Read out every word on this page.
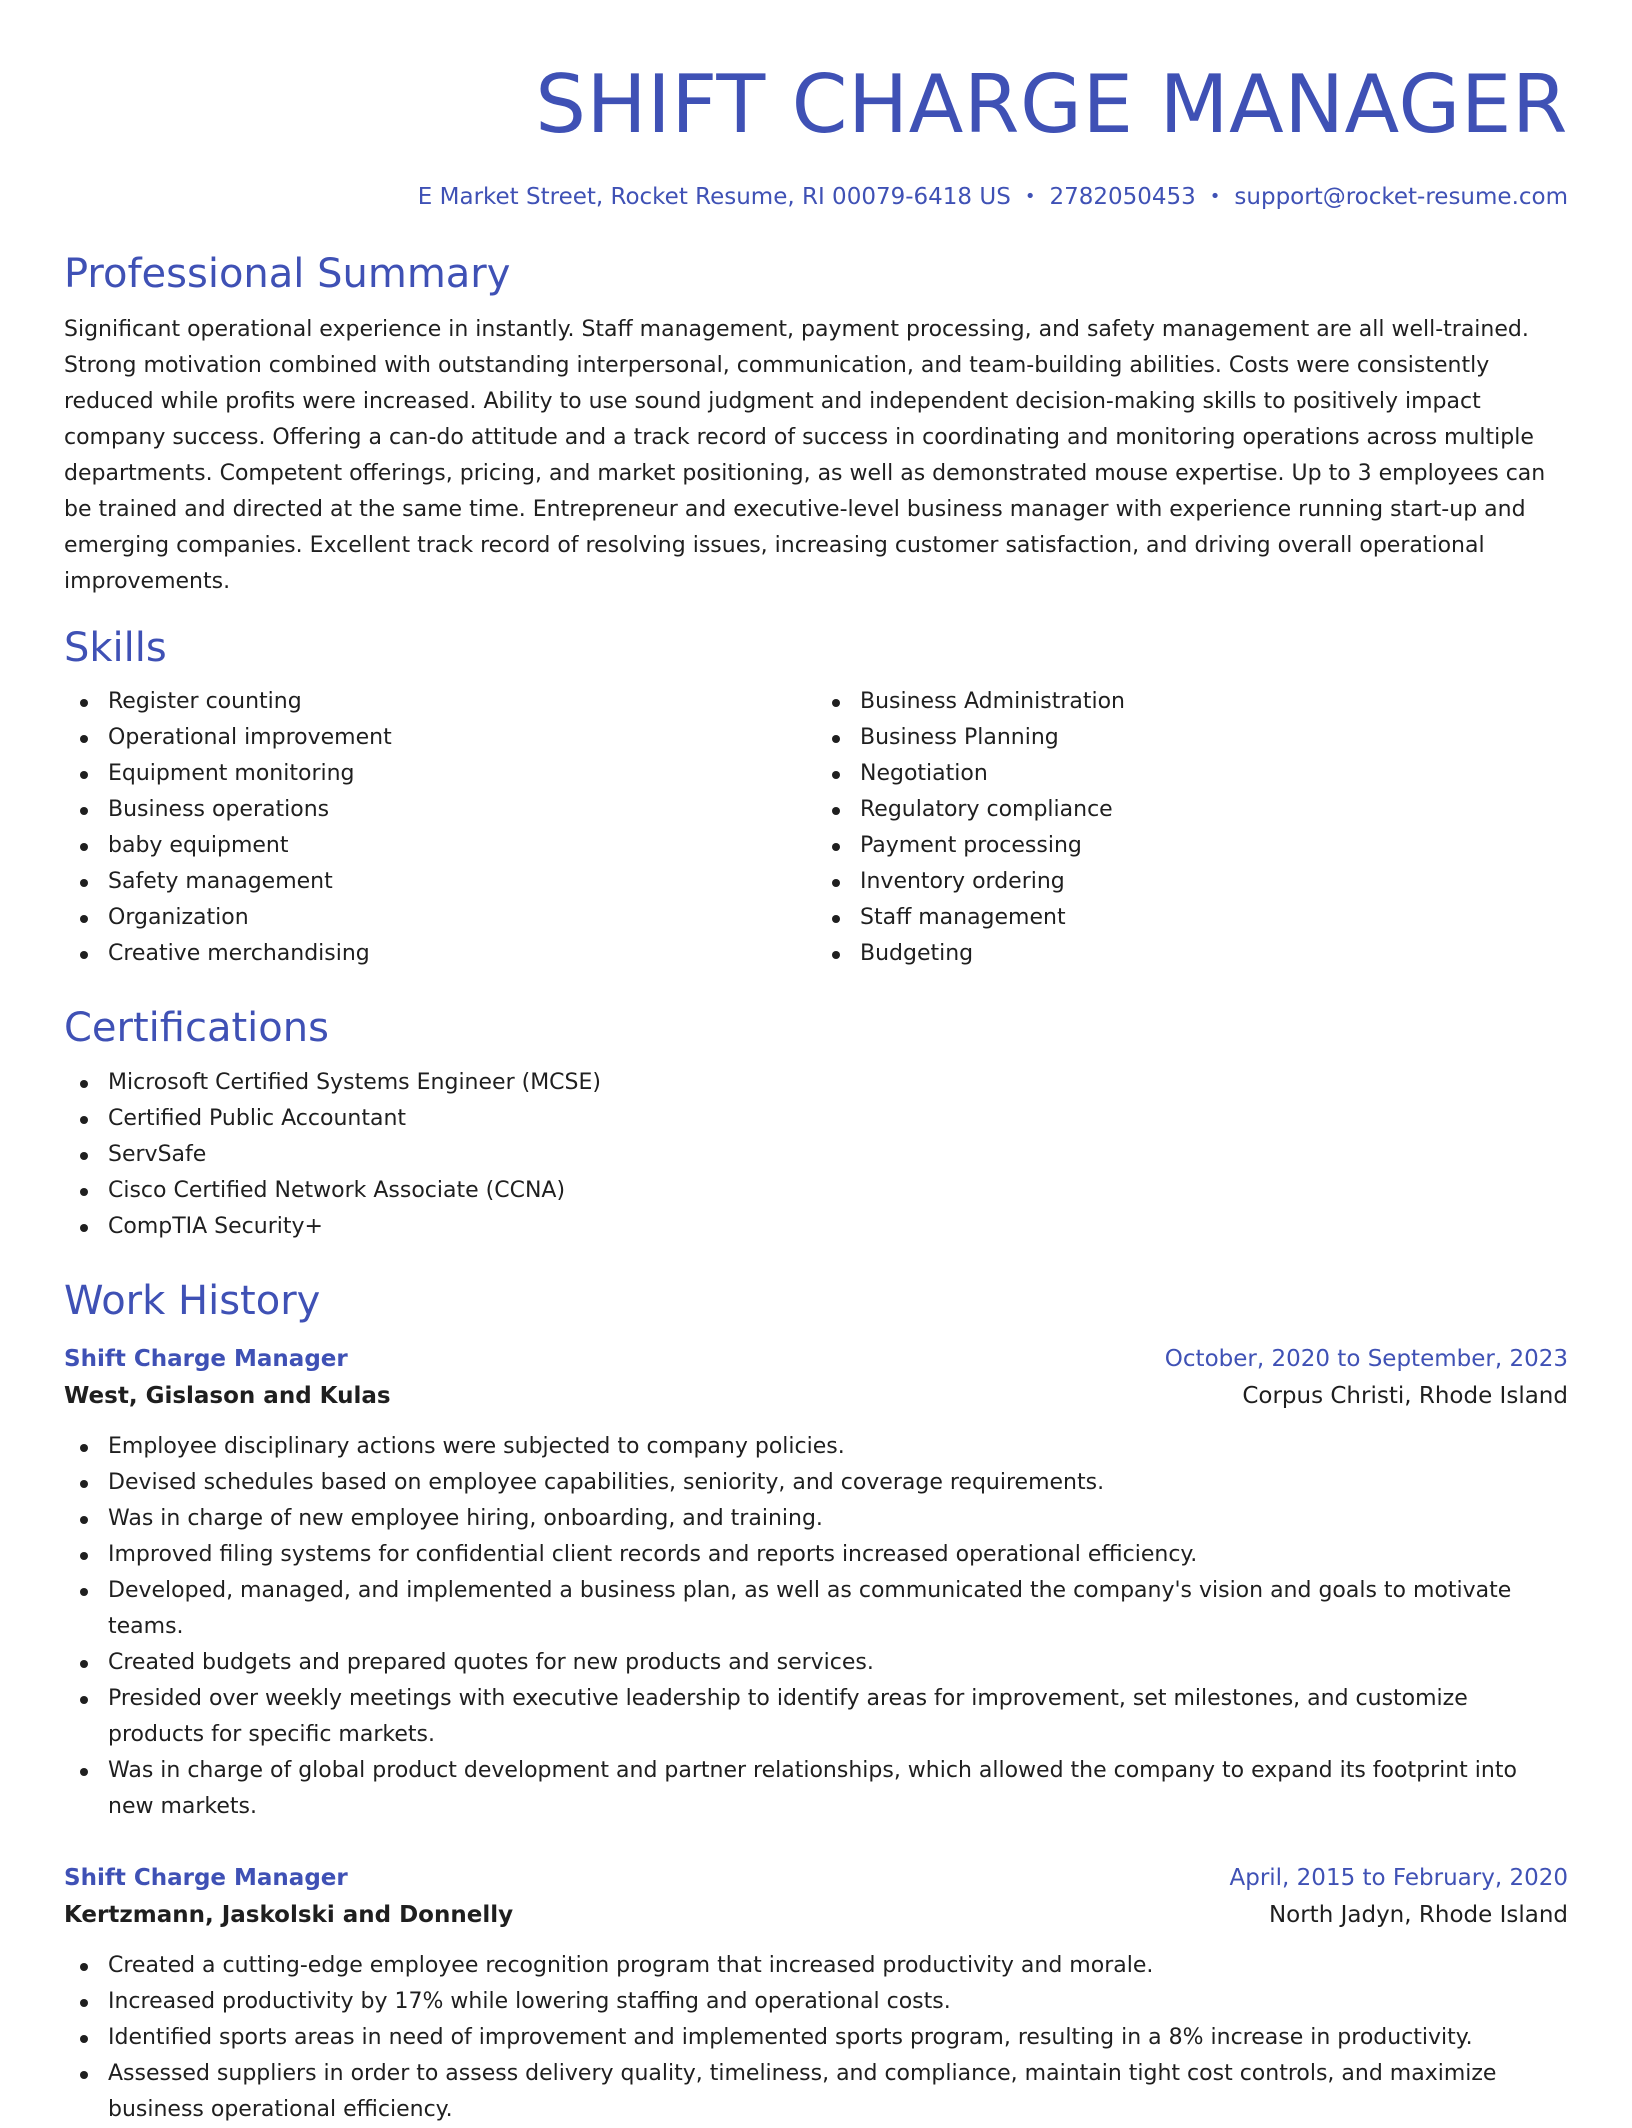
SHIFT CHARGE MANAGER
E Market Street, Rocket Resume, RI 00079-6418 US • 2782050453 • support@rocket-resume.com
Professional Summary

Significant operational experience in instantly. Staff management, payment processing, and safety management are all well-trained. Strong motivation combined with outstanding interpersonal, communication, and team-building abilities. Costs were consistently reduced while profits were increased. Ability to use sound judgment and independent decision-making skills to positively impact company success. Offering a can-do attitude and a track record of success in coordinating and monitoring operations across multiple departments. Competent offerings, pricing, and market positioning, as well as demonstrated mouse expertise. Up to 3 employees can be trained and directed at the same time. Entrepreneur and executive-level business manager with experience running start-up and emerging companies. Excellent track record of resolving issues, increasing customer satisfaction, and driving overall operational improvements.

Skills
Register counting
Operational improvement
Equipment monitoring
Business operations
baby equipment
Safety management
Organization
Creative merchandising
Business Administration
Business Planning
Negotiation
Regulatory compliance
Payment processing
Inventory ordering
Staff management
Budgeting
Certifications
Microsoft Certified Systems Engineer (MCSE)
Certified Public Accountant
ServSafe
Cisco Certified Network Associate (CCNA)
CompTIA Security+
Work History
Shift Charge Manager	October, 2020 to September, 2023
West, Gislason and Kulas	Corpus Christi, Rhode Island
Employee disciplinary actions were subjected to company policies.
Devised schedules based on employee capabilities, seniority, and coverage requirements.
Was in charge of new employee hiring, onboarding, and training.
Improved filing systems for confidential client records and reports increased operational efficiency.
Developed, managed, and implemented a business plan, as well as communicated the company's vision and goals to motivate teams.
Created budgets and prepared quotes for new products and services.
Presided over weekly meetings with executive leadership to identify areas for improvement, set milestones, and customize products for specific markets.
Was in charge of global product development and partner relationships, which allowed the company to expand its footprint into new markets.
Shift Charge Manager	April, 2015 to February, 2020
Kertzmann, Jaskolski and Donnelly	North Jadyn, Rhode Island
Created a cutting-edge employee recognition program that increased productivity and morale.
Increased productivity by 17% while lowering staffing and operational costs.
Identified sports areas in need of improvement and implemented sports program, resulting in a 8% increase in productivity.
Assessed suppliers in order to assess delivery quality, timeliness, and compliance, maintain tight cost controls, and maximize business operational efficiency.
